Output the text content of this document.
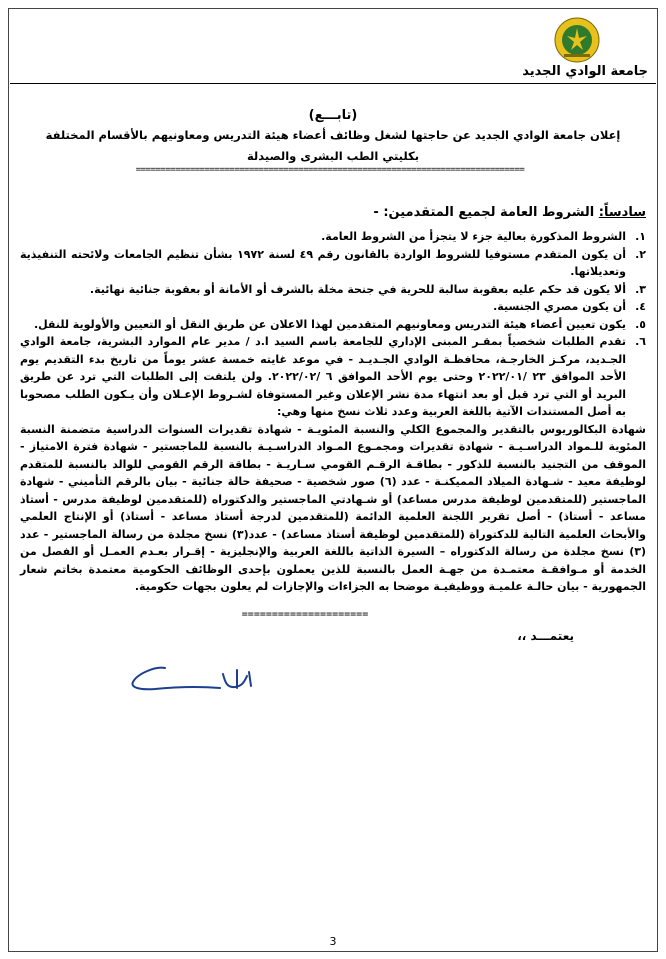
جامعة الوادي الجديد
(تابـــع)
إعلان جامعة الوادي الجديد عن حاجتها لشغل وظائف أعضاء هيئة التدريس ومعاونيهم بالأقسام المختلفة بكليتي الطب البشرى والصيدلة
===============================================================================
سادساً: الشروط العامة لجميع المتقدمين: -
١.
الشروط المذكورة بعالية جزء لا يتجزأ من الشروط العامة.
٢.
أن يكون المتقدم مستوفيا للشروط الواردة بالقانون رقم ٤٩ لسنة ١٩٧٢ بشأن تنظيم الجامعات ولائحته التنفيذية وتعديلاتها.
٣.
ألا يكون قد حكم عليه بعقوبة سالبة للحرية في جنحة مخلة بالشرف أو الأمانة أو بعقوبة جنائية نهائية.
٤.
أن يكون مصري الجنسية.
٥.
يكون تعيين أعضاء هيئة التدريس ومعاونيهم المتقدمين لهذا الاعلان عن طريق النقل أو التعيين والأولوية للنقل.
٦.
تقدم الطلبات شخصياً بمقـر المبنى الإداري للجامعة باسم السيد ا.د / مدير عام الموارد البشرية، جامعة الوادي الجـديد، مركـز الخارجـة، محافظـة الوادي الجـديـد - في موعد غايته خمسة عشر يوماً من تاريخ بدء التقديم يوم الأحد الموافق ٢٣ /٢٠٢٢/٠١ وحتى يوم الأحد الموافق ٦ /٢٠٢٢/٠٢. ولن يلتفت إلى الطلبات التي ترد عن طريق البريد أو التي ترد قبل أو بعد انتهاء مدة نشر الإعلان وغير المستوفاة لشـروط الإعـلان وأن يـكون الطلب مصحوبا به أصل المستندات الآتية باللغة العربية وعدد ثلاث نسخ منها وهي:

شهادة البكالوريوس بالتقدير والمجموع الكلي والنسبة المئويـة - شهادة تقديرات السنوات الدراسية متضمنة النسبة المئوية للـمواد الدراسـيـة - شهادة تقديرات ومجمـوع المـواد الدراسـيـة بالنسبة للماجستير - شهادة فترة الامتياز - الموقف من التجنيد بالنسبة للذكور - بطاقـة الرقـم القومي سـاريـة - بطاقة الرقم القومي للوالد بالنسبة للمتقدم لوظيفة معيد - شـهادة الميلاد المميكنـة - عدد (٦) صور شخصية - صحيفة حالة جنائية - بيان بالرقم التأميني - شهادة الماجستير (للمتقدمين لوظيفة مدرس مساعد) أو شـهادتي الماجستير والدكتوراه (للمتقدمين لوظيفة مدرس - أستاذ مساعد - أستاذ) - أصل تقرير اللجنة العلمية الدائمة (للمتقدمين لدرجة أستاذ مساعد - أستاذ) أو الإنتاج العلمي والأبحاث العلمية التالية للدكتوراة (للمتقدمين لوظيفة أستاذ مساعد) - عدد(٣) نسخ مجلدة من رسالة الماجستير - عدد (٣) نسخ مجلدة من رسالة الدكتوراه – السيرة الذاتية باللغة العربية والإنجليزية - إقـرار بعـدم العمـل أو الفصل من الخدمة أو مـوافقـة معتمـدة من جهـة العمل بالنسبة للذين يعملون بإحدى الوظائف الحكومية معتمدة بخاتم شعار الجمهورية - بيان حالـة علميـة ووظيفيـة موضحا به الجزاءات والإجازات لم يعلون بجهات حكومية.

=====================
يعتمـــد ،،
3
